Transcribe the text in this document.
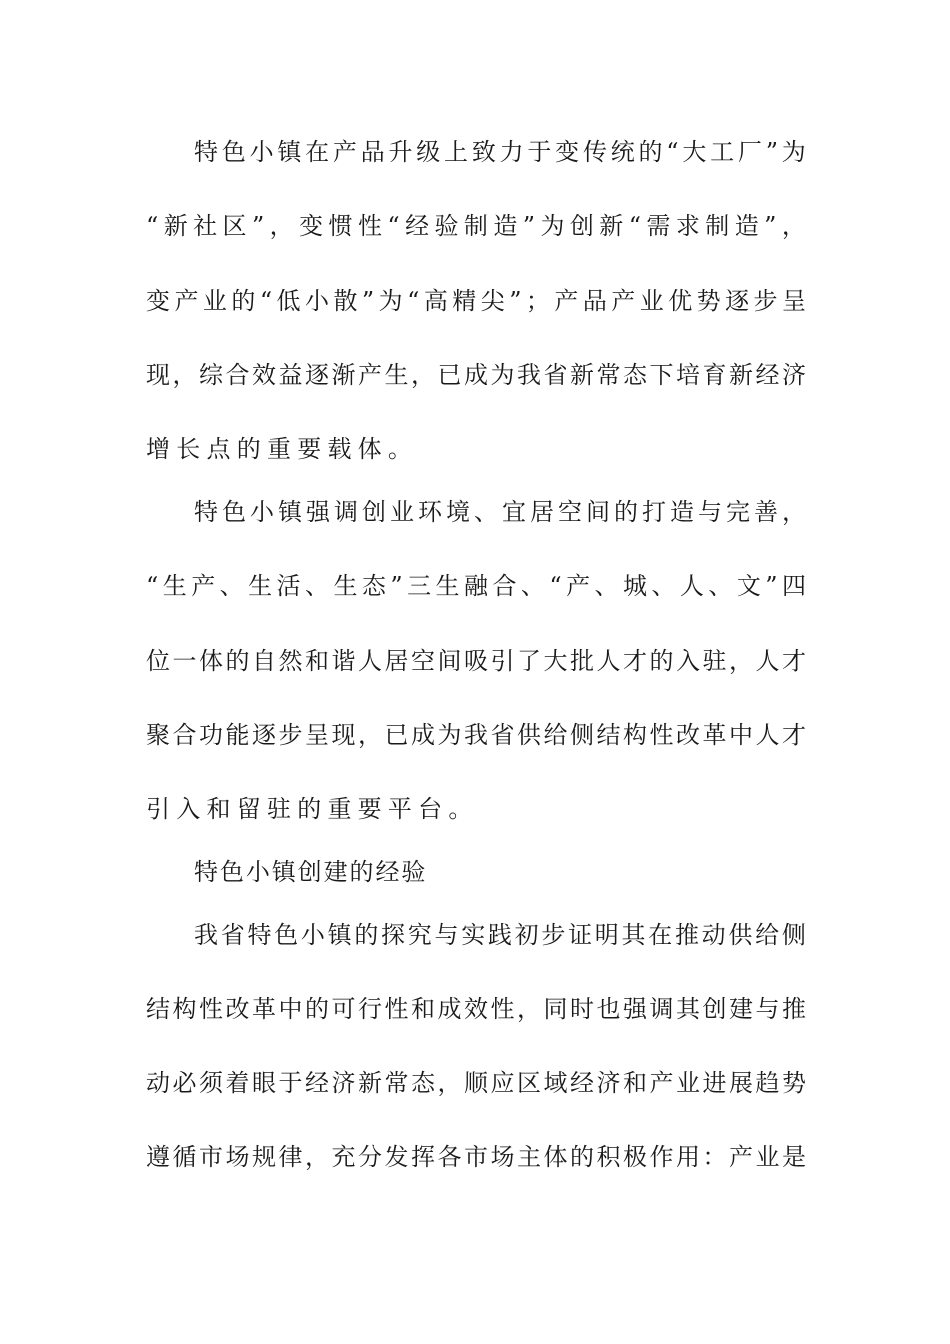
特 色 小 镇 在 产 品 升 级 上 致 力 于 变 传 统 的 “ 大 工 厂 ” 为
“ 新 社 区 ” ， 变 惯 性 “ 经 验 制 造 ” 为 创 新 “ 需 求 制 造 ” ，
变 产 业 的 “ 低 小 散 ” 为 “ 高 精 尖 ” ； 产 品 产 业 优 势 逐 步 呈
现 ， 综 合 效 益 逐 渐 产 生 ， 已 成 为 我 省 新 常 态 下 培 育 新 经 济
增长点的重要载体。
特 色 小 镇 强 调 创 业 环 境 、 宜 居 空 间 的 打 造 与 完 善 ，
“ 生 产 、 生 活 、 生 态 ” 三 生 融 合 、 “ 产 、 城 、 人 、 文 ” 四
位 一 体 的 自 然 和 谐 人 居 空 间 吸 引 了 大 批 人 才 的 入 驻 ， 人 才
聚 合 功 能 逐 步 呈 现 ， 已 成 为 我 省 供 给 侧 结 构 性 改 革 中 人 才
引入和留驻的重要平台。
特色小镇创建的经验
我 省 特 色 小 镇 的 探 究 与 实 践 初 步 证 明 其 在 推 动 供 给 侧
结 构 性 改 革 中 的 可 行 性 和 成 效 性 ， 同 时 也 强 调 其 创 建 与 推
动 必 须 着 眼 于 经 济 新 常 态 ， 顺 应 区 域 经 济 和 产 业 进 展 趋 势
遵 循 市 场 规 律 ， 充 分 发 挥 各 市 场 主 体 的 积 极 作 用 ： 产 业 是
